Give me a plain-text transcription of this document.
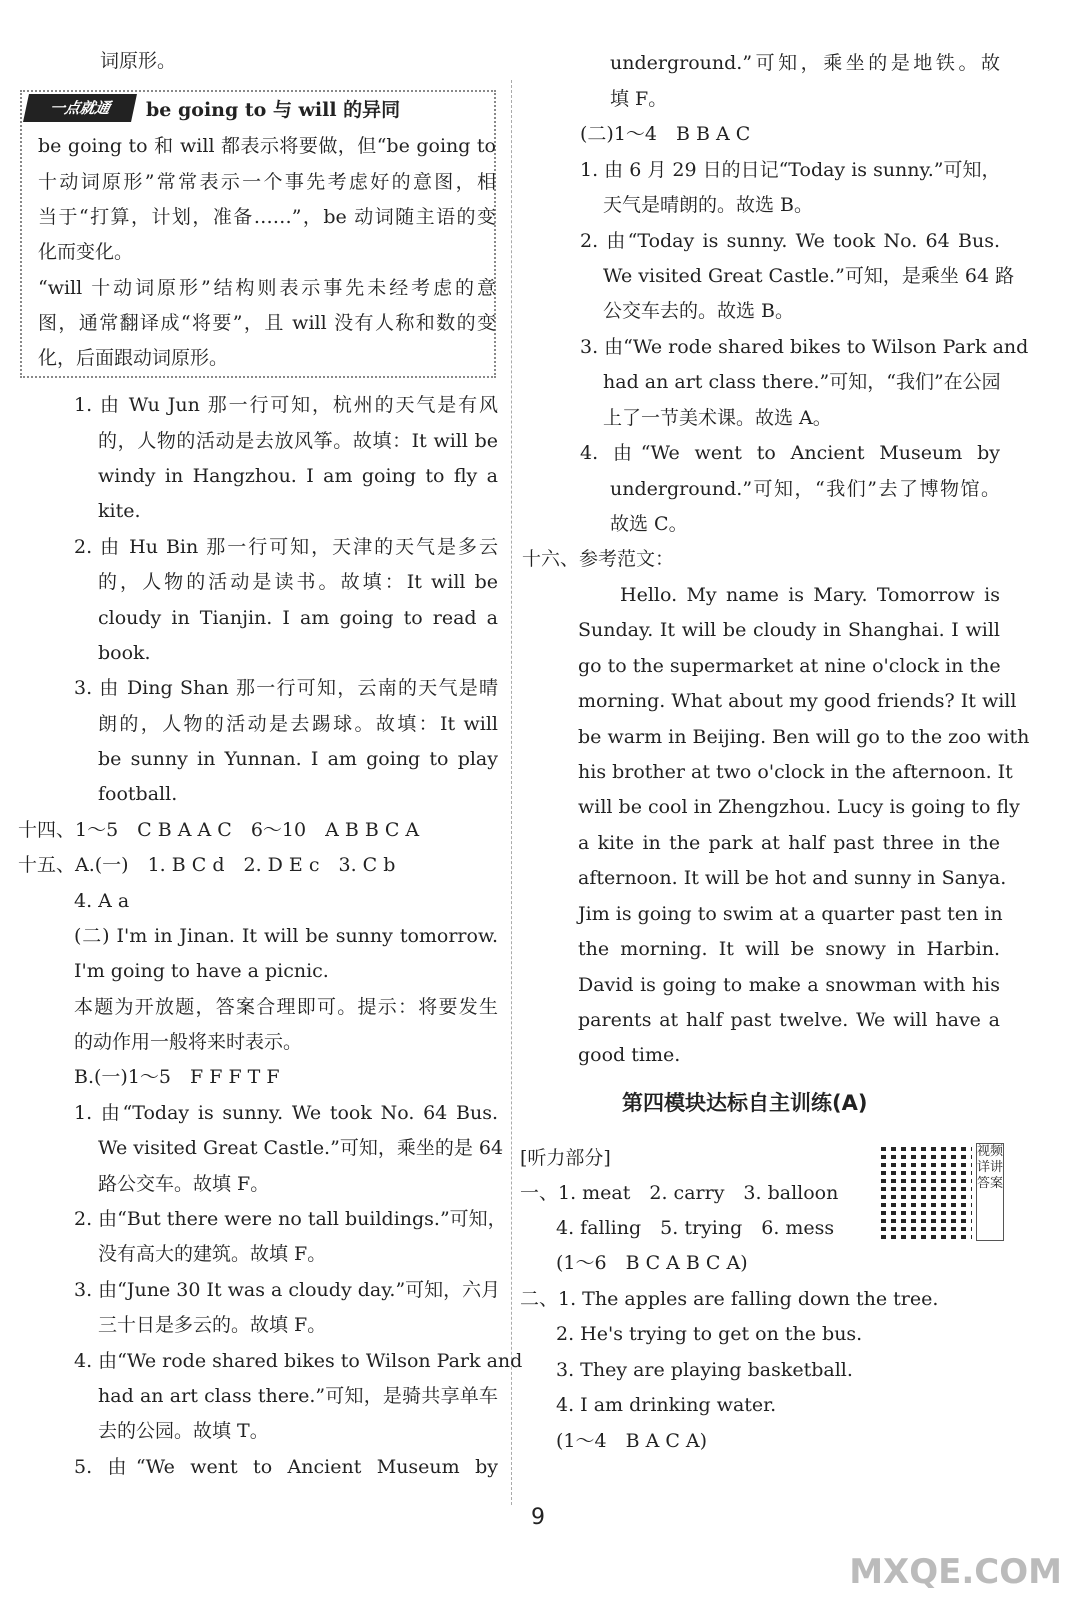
一点就通	be going to 与 will 的异同
词原形。
be going to 和 will 都表示将要做，但“be going to
十动词原形”常常表示一个事先考虑好的意图，相
当于“打算，计划，准备……”，be 动词随主语的变
化而变化。
“will 十动词原形”结构则表示事先未经考虑的意
图，通常翻译成“将要”，且 will 没有人称和数的变
化，后面跟动词原形。
1. 由 Wu Jun 那一行可知，杭州的天气是有风
的，人物的活动是去放风筝。故填：It will be
windy in Hangzhou. I am going to fly a
kite.
2. 由 Hu Bin 那一行可知，天津的天气是多云
的，人物的活动是读书。故填：It will be
cloudy in Tianjin. I am going to read a
book.
3. 由 Ding Shan 那一行可知，云南的天气是晴
朗的，人物的活动是去踢球。故填：It will
be sunny in Yunnan. I am going to play
football.
十四、1～5　C B A A C　6～10　A B B C A
十五、A.(一)　1. B C d　2. D E c　3. C b
4. A a
(二) I'm in Jinan. It will be sunny tomorrow.
I'm going to have a picnic.
本题为开放题，答案合理即可。提示：将要发生
的动作用一般将来时表示。
B.(一)1～5　F F F T F
1. 由“Today is sunny. We took No. 64 Bus.
We visited Great Castle.”可知，乘坐的是 64
路公交车。故填 F。
2. 由“But there were no tall buildings.”可知，
没有高大的建筑。故填 F。
3. 由“June 30 It was a cloudy day.”可知，六月
三十日是多云的。故填 F。
4. 由“We rode shared bikes to Wilson Park and
had an art class there.”可知，是骑共享单车
去的公园。故填 T。
5. 由“We went to Ancient Museum by
underground.”可知，乘坐的是地铁。故
填 F。
(二)1～4　B B A C
1. 由 6 月 29 日的日记“Today is sunny.”可知，
天气是晴朗的。故选 B。
2. 由“Today is sunny. We took No. 64 Bus.
We visited Great Castle.”可知，是乘坐 64 路
公交车去的。故选 B。
3. 由“We rode shared bikes to Wilson Park and
had an art class there.”可知，“我们”在公园
上了一节美术课。故选 A。
4. 由“We went to Ancient Museum by
underground.”可知，“我们”去了博物馆。
故选 C。
十六、参考范文：
Hello. My name is Mary. Tomorrow is
Sunday. It will be cloudy in Shanghai. I will
go to the supermarket at nine o'clock in the
morning. What about my good friends? It will
be warm in Beijing. Ben will go to the zoo with
his brother at two o'clock in the afternoon. It
will be cool in Zhengzhou. Lucy is going to fly
a kite in the park at half past three in the
afternoon. It will be hot and sunny in Sanya.
Jim is going to swim at a quarter past ten in
the morning. It will be snowy in Harbin.
David is going to make a snowman with his
parents at half past twelve. We will have a
good time.
[听力部分]
一、1. meat　2. carry　3. balloon
4. falling　5. trying　6. mess
(1～6　B C A B C A)
二、1. The apples are falling down the tree.
2. He's trying to get on the bus.
3. They are playing basketball.
4. I am drinking water.
(1～4　B A C A)
第四模块达标自主训练(A)
视频详讲答案
9
MXQE.COM
